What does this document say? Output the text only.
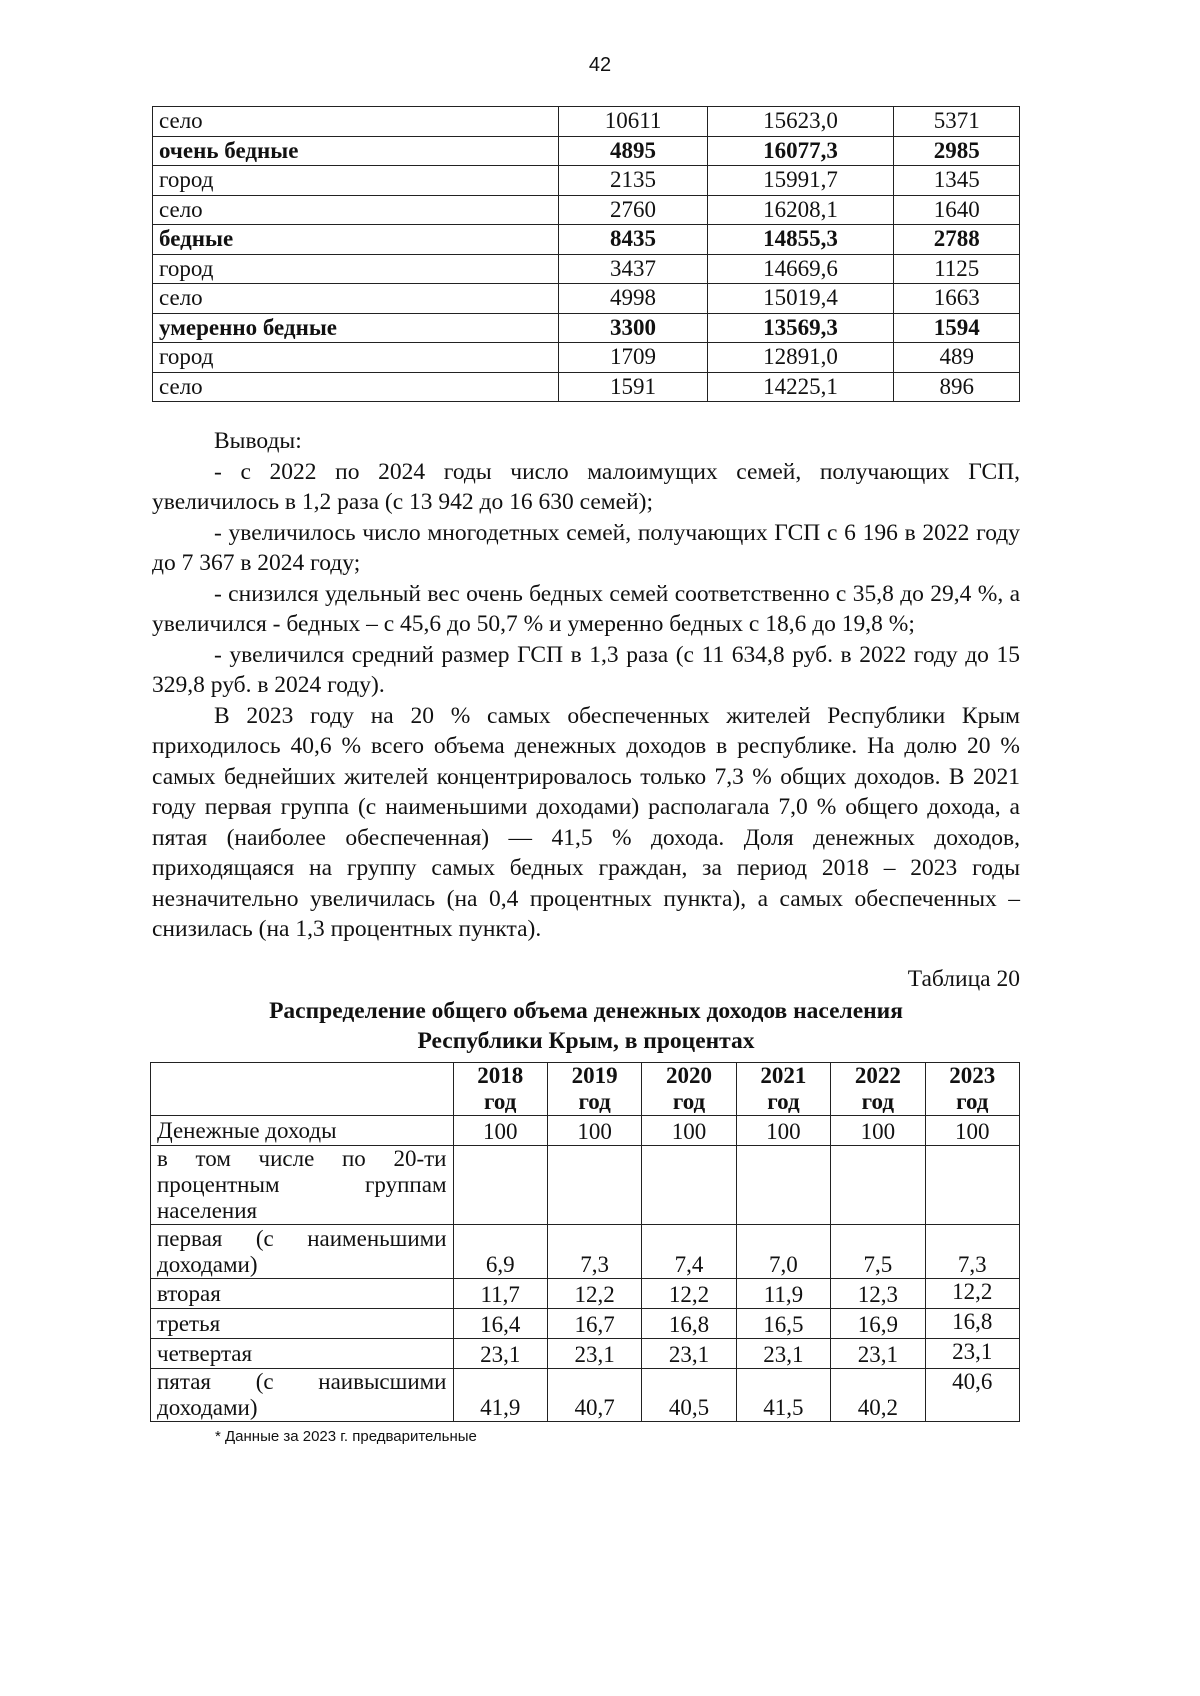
42
село	10611	15623,0	5371
очень бедные	4895	16077,3	2985
город	2135	15991,7	1345
село	2760	16208,1	1640
бедные	8435	14855,3	2788
город	3437	14669,6	1125
село	4998	15019,4	1663
умеренно бедные	3300	13569,3	1594
город	1709	12891,0	489
село	1591	14225,1	896

Выводы:

- с 2022 по 2024 годы число малоимущих семей, получающих ГСП, увеличилось в 1,2 раза (с 13 942 до 16 630 семей);

- увеличилось число многодетных семей, получающих ГСП с 6 196 в 2022 году до 7 367 в 2024 году;

- снизился удельный вес очень бедных семей соответственно с 35,8 до 29,4 %, а увеличился - бедных – с 45,6 до 50,7 % и умеренно бедных с 18,6 до 19,8 %;

- увеличился средний размер ГСП в 1,3 раза (с 11 634,8 руб. в 2022 году до 15 329,8 руб. в 2024 году).

В 2023 году на 20 % самых обеспеченных жителей Республики Крым приходилось 40,6 % всего объема денежных доходов в республике. На долю 20 % самых беднейших жителей концентрировалось только 7,3 % общих доходов. В 2021 году первая группа (с наименьшими доходами) располагала 7,0 % общего дохода, а пятая (наиболее обеспеченная) — 41,5 % дохода. Доля денежных доходов, приходящаяся на группу самых бедных граждан, за период 2018 – 2023 годы незначительно увеличилась (на 0,4 процентных пункта), а самых обеспеченных – снизилась (на 1,3 процентных пункта).

Таблица 20
Распределение общего объема денежных доходов населения
Республики Крым, в процентах
	2018 год	2019 год	2020 год	2021 год	2022 год	2023 год
Денежные доходы	100	100	100	100	100	100
в том числе по 20-ти процентным группам населения						
первая (с наименьшими доходами)	6,9	7,3	7,4	7,0	7,5	7,3
вторая	11,7	12,2	12,2	11,9	12,3	12,2
третья	16,4	16,7	16,8	16,5	16,9	16,8
четвертая	23,1	23,1	23,1	23,1	23,1	23,1
пятая (с наивысшими доходами)	41,9	40,7	40,5	41,5	40,2	40,6
* Данные за 2023 г. предварительные
